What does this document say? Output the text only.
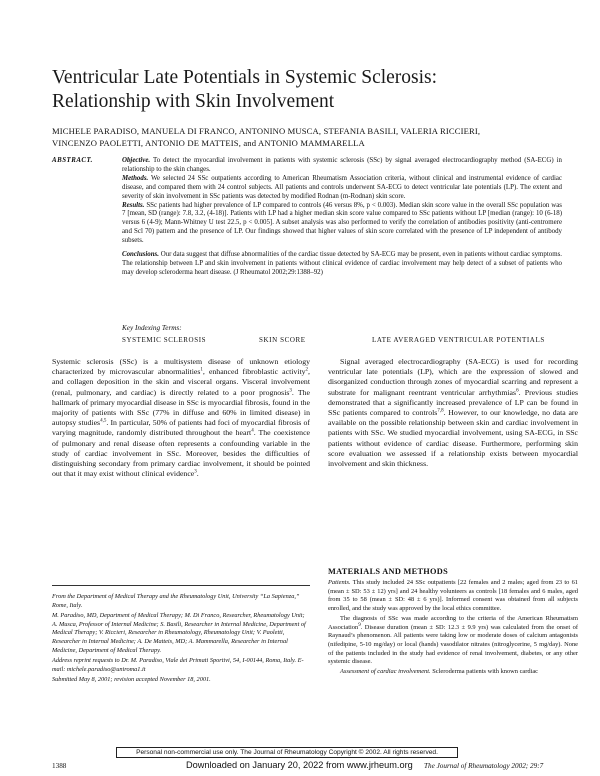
Ventricular Late Potentials in Systemic Sclerosis:
Relationship with Skin Involvement
MICHELE PARADISO, MANUELA DI FRANCO, ANTONINO MUSCA, STEFANIA BASILI, VALERIA RICCIERI,
VINCENZO PAOLETTI, ANTONIO DE MATTEIS, and ANTONIO MAMMARELLA
ABSTRACT.	Objective. To detect the myocardial involvement in patients with systemic sclerosis (SSc) by signal averaged electrocardiography method (SA-ECG) in relationship to the skin changes.

Methods. We selected 24 SSc outpatients according to American Rheumatism Association criteria, without clinical and instrumental evidence of cardiac disease, and compared them with 24 control subjects. All patients and controls underwent SA-ECG to detect ventricular late potentials (LP). The extent and severity of skin involvement in SSc patients was detected by modified Rodnan (m-Rodnan) skin score.

Results. SSc patients had higher prevalence of LP compared to controls (46 versus 8%, p < 0.003). Median skin score value in the overall SSc population was 7 [mean, SD (range): 7.8, 3.2, (4-18)]. Patients with LP had a higher median skin score value compared to SSc patients without LP [median (range): 10 (6-18) versus 6 (4-9); Mann-Whitney U test 22.5, p < 0.005]. A subset analysis was also performed to verify the correlation of antibodies positivity (anti-centromere and Scl 70) pattern and the presence of LP. Our findings showed that higher values of skin score correlated with the presence of LP independent of antibody subsets.

Conclusions. Our data suggest that diffuse abnormalities of the cardiac tissue detected by SA-ECG may be present, even in patients without cardiac symptoms. The relationship between LP and skin involvement in patients without clinical evidence of cardiac involvement may help detect of a subset of patients who may develop scleroderma heart disease. (J Rheumatol 2002;29:1388–92)

Key Indexing Terms:
SYSTEMIC SCLEROSIS	SKIN SCORE	LATE AVERAGED VENTRICULAR POTENTIALS

Systemic sclerosis (SSc) is a multisystem disease of unknown etiology characterized by microvascular abnormalities$^1$, enhanced fibroblastic activity$^2$, and collagen deposition in the skin and visceral organs. Visceral involvement (renal, pulmonary, and cardiac) is directly related to a poor prognosis$^3$. The hallmark of primary myocardial disease in SSc is myocardial fibrosis, found in the majority of patients with SSc (77% in diffuse and 60% in limited disease) in autopsy studies$^{4,5}$. In particular, 50% of patients had foci of myocardial fibrosis of varying magnitude, randomly distributed throughout the heart$^4$. The coexistence of pulmonary and renal disease often represents a confounding variable in the study of cardiac involvement in SSc. Moreover, besides the difficulties of distinguishing secondary from primary cardiac involvement, it should be pointed out that it may exist without clinical evidence$^3$.

Signal averaged electrocardiography (SA-ECG) is used for recording ventricular late potentials (LP), which are the expression of slowed and disorganized conduction through zones of myocardial scarring and represent a substrate for malignant reentrant ventricular arrhythmias$^6$. Previous studies demonstrated that a significantly increased prevalence of LP can be found in SSc patients compared to controls$^{7,8}$. However, to our knowledge, no data are available on the possible relationship between skin and cardiac involvement in patients with SSc. We studied myocardial involvement, using SA-ECG, in SSc patients without evidence of cardiac disease. Furthermore, performing skin score evaluation we assessed if a relationship exists between myocardial involvement and skin thickness.

From the Department of Medical Therapy and the Rheumatology Unit, University “La Sapienza,” Rome, Italy.

M. Paradiso, MD, Department of Medical Therapy; M. Di Franco, Researcher, Rheumatology Unit; A. Musca, Professor of Internal Medicine; S. Basili, Researcher in Internal Medicine, Department of Medical Therapy; V. Riccieri, Researcher in Rheumatology, Rheumatology Unit; V. Paoletti, Researcher in Internal Medicine; A. De Matteis, MD; A. Mammarella, Researcher in Internal Medicine, Department of Medical Therapy.

Address reprint requests to Dr. M. Paradiso, Viale dei Primati Sportivi, 54, I-00144, Roma, Italy. E-mail: michele.paradiso@uniroma1.it

Submitted May 8, 2001; revision accepted November 18, 2001.

MATERIALS AND METHODS

Patients. This study included 24 SSc outpatients [22 females and 2 males; aged from 23 to 61 (mean ± SD: 53 ± 12) yrs] and 24 healthy volunteers as controls [18 females and 6 males, aged from 35 to 58 (mean ± SD: 48 ± 6 yrs)]. Informed consent was obtained from all subjects enrolled, and the study was approved by the local ethics committee.

The diagnosis of SSc was made according to the criteria of the American Rheumatism Association$^9$. Disease duration (mean ± SD: 12.3 ± 9.9 yrs) was calculated from the onset of Raynaud’s phenomenon. All patients were taking low or moderate doses of calcium antagonists (nifedipine, 5-10 mg/day) or local (hands) vasodilator nitrates (nitroglycerine, 5 mg/day). None of the patients included in the study had evidence of renal involvement, diabetes, or any other systemic disease.

Assessment of cardiac involvement. Scleroderma patients with known cardiac

Personal non-commercial use only. The Journal of Rheumatology Copyright © 2002. All rights reserved.
1388	Downloaded on January 20, 2022 from www.jrheum.org The Journal of Rheumatology 2002; 29:7
